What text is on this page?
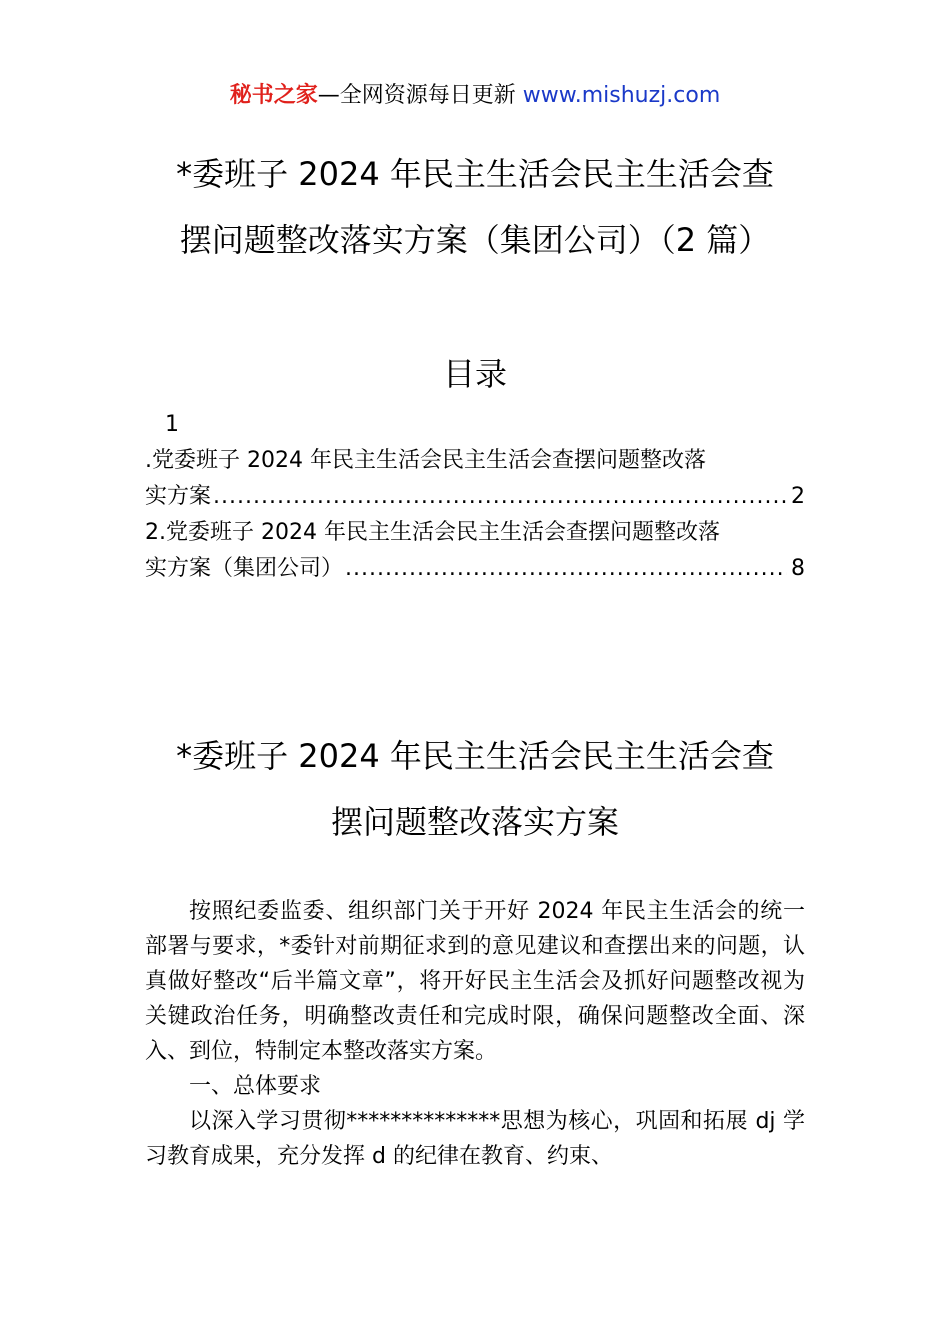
秘书之家—全网资源每日更新 www.mishuzj.com
*委班子 2024 年民主生活会民主生活会查
摆问题整改落实方案（集团公司）（2 篇）
目录
1
.党委班子 2024 年民主生活会民主生活会查摆问题整改落
实方案 .....	2
2.党委班子 2024 年民主生活会民主生活会查摆问题整改落
实方案（集团公司） .....	8
*委班子 2024 年民主生活会民主生活会查
摆问题整改落实方案

按照纪委监委、组织部门关于开好 2024 年民主生活会的统一部署与要求，*委针对前期征求到的意见建议和查摆出来的问题，认真做好整改“后半篇文章”，将开好民主生活会及抓好问题整改视为关键政治任务，明确整改责任和完成时限，确保问题整改全面、深入、到位，特制定本整改落实方案。

一、总体要求

以深入学习贯彻**************思想为核心，巩固和拓展 dj 学习教育成果，充分发挥 d 的纪律在教育、约束、
